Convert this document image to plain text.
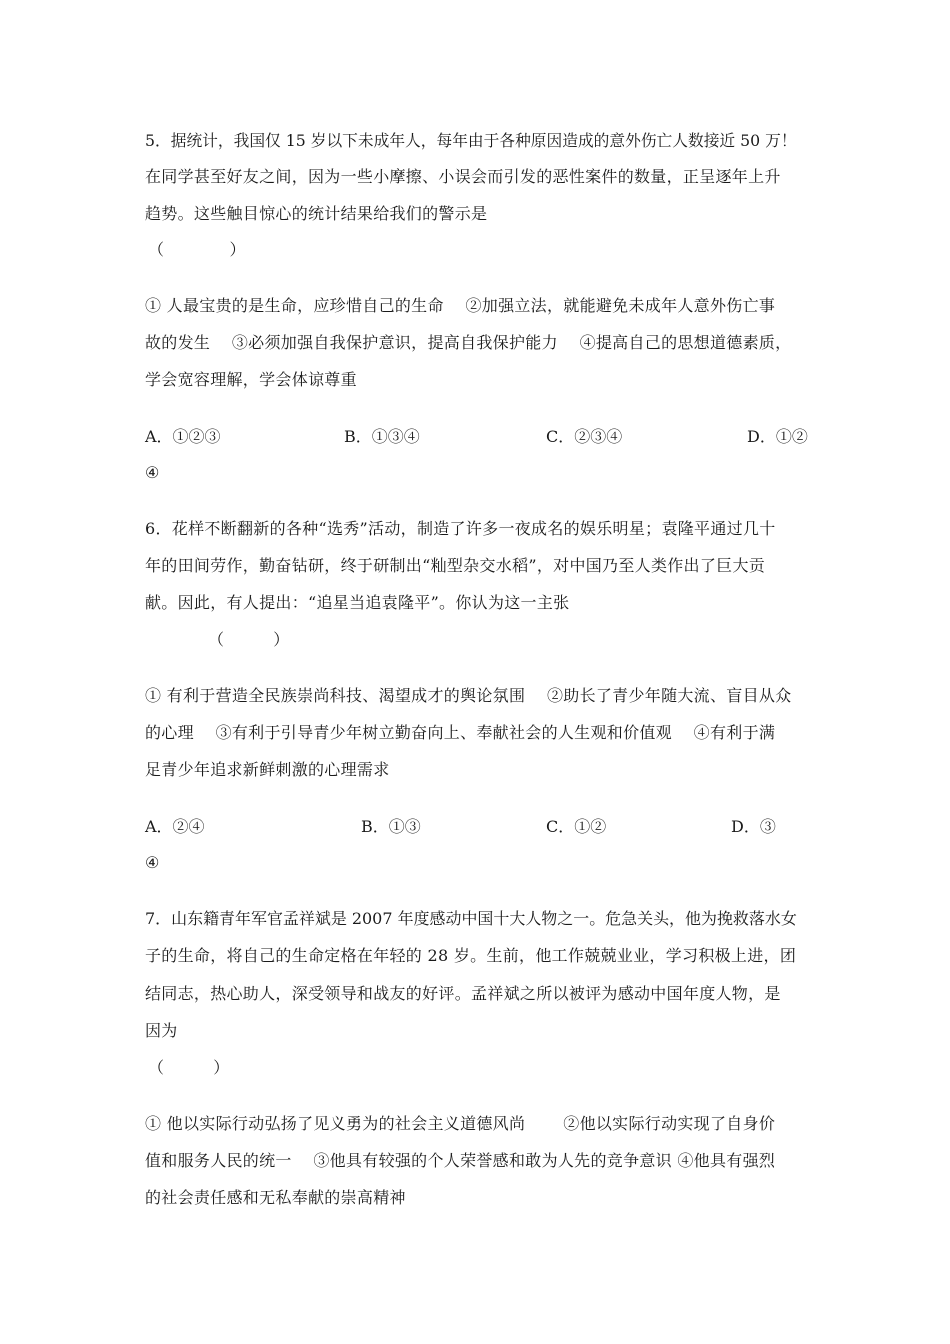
5．据统计，我国仅 15 岁以下未成年人，每年由于各种原因造成的意外伤亡人数接近 50 万！
在同学甚至好友之间，因为一些小摩擦、小误会而引发的恶性案件的数量，正呈逐年上升
趋势。这些触目惊心的统计结果给我们的警示是
（　　　　）
① 人最宝贵的是生命，应珍惜自己的生命　 ②加强立法，就能避免未成年人意外伤亡事
故的发生　 ③必须加强自我保护意识，提高自我保护能力　 ④提高自己的思想道德素质，
学会宽容理解，学会体谅尊重
A．①②③	B．①③④	C．②③④	D．①②
④
6．花样不断翻新的各种“选秀”活动，制造了许多一夜成名的娱乐明星；袁隆平通过几十
年的田间劳作，勤奋钻研，终于研制出“籼型杂交水稻”，对中国乃至人类作出了巨大贡
献。因此，有人提出：“追星当追袁隆平”。你认为这一主张
（　　　）
① 有利于营造全民族崇尚科技、渴望成才的舆论氛围　 ②助长了青少年随大流、盲目从众
的心理　 ③有利于引导青少年树立勤奋向上、奉献社会的人生观和价值观　 ④有利于满
足青少年追求新鲜刺激的心理需求
A．②④	B．①③	C．①②	D．③
④
7．山东籍青年军官孟祥斌是 2007 年度感动中国十大人物之一。危急关头，他为挽救落水女
子的生命，将自己的生命定格在年轻的 28 岁。生前，他工作兢兢业业，学习积极上进，团
结同志，热心助人，深受领导和战友的好评。孟祥斌之所以被评为感动中国年度人物，是
因为
（　　　）
① 他以实际行动弘扬了见义勇为的社会主义道德风尚　　 ②他以实际行动实现了自身价
值和服务人民的统一　 ③他具有较强的个人荣誉感和敢为人先的竞争意识 ④他具有强烈
的社会责任感和无私奉献的崇高精神
